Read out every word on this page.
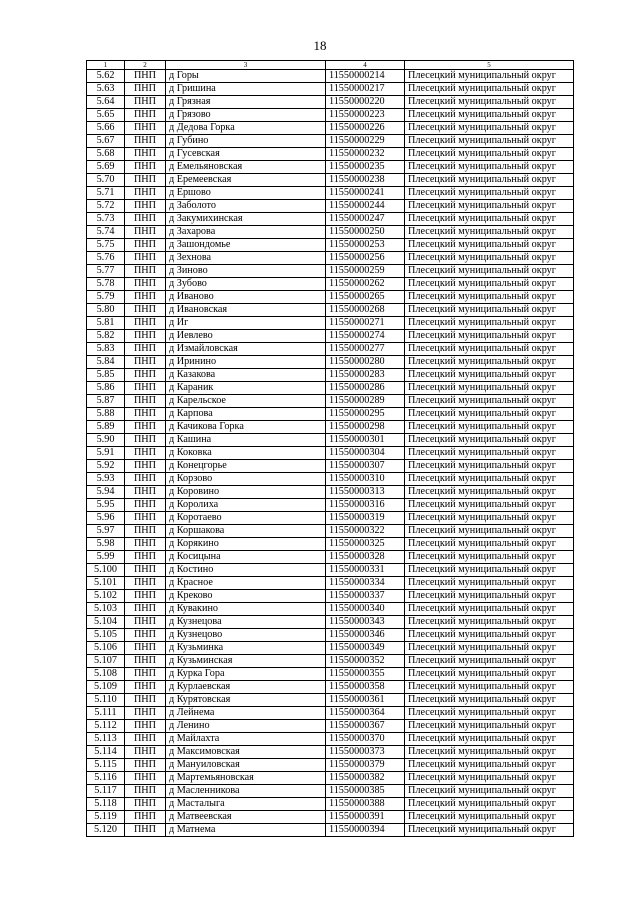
18
1	2	3	4	5
5.62	ПНП	д Горы	11550000214	Плесецкий муниципальный округ
5.63	ПНП	д Гришина	11550000217	Плесецкий муниципальный округ
5.64	ПНП	д Грязная	11550000220	Плесецкий муниципальный округ
5.65	ПНП	д Грязово	11550000223	Плесецкий муниципальный округ
5.66	ПНП	д Дедова Горка	11550000226	Плесецкий муниципальный округ
5.67	ПНП	д Губино	11550000229	Плесецкий муниципальный округ
5.68	ПНП	д Гусевская	11550000232	Плесецкий муниципальный округ
5.69	ПНП	д Емельяновская	11550000235	Плесецкий муниципальный округ
5.70	ПНП	д Еремеевская	11550000238	Плесецкий муниципальный округ
5.71	ПНП	д Ершово	11550000241	Плесецкий муниципальный округ
5.72	ПНП	д Заболото	11550000244	Плесецкий муниципальный округ
5.73	ПНП	д Закумихинская	11550000247	Плесецкий муниципальный округ
5.74	ПНП	д Захарова	11550000250	Плесецкий муниципальный округ
5.75	ПНП	д Зашондомье	11550000253	Плесецкий муниципальный округ
5.76	ПНП	д Зехнова	11550000256	Плесецкий муниципальный округ
5.77	ПНП	д Зиново	11550000259	Плесецкий муниципальный округ
5.78	ПНП	д Зубово	11550000262	Плесецкий муниципальный округ
5.79	ПНП	д Иваново	11550000265	Плесецкий муниципальный округ
5.80	ПНП	д Ивановская	11550000268	Плесецкий муниципальный округ
5.81	ПНП	д Иг	11550000271	Плесецкий муниципальный округ
5.82	ПНП	д Иевлево	11550000274	Плесецкий муниципальный округ
5.83	ПНП	д Измайловская	11550000277	Плесецкий муниципальный округ
5.84	ПНП	д Иринино	11550000280	Плесецкий муниципальный округ
5.85	ПНП	д Казакова	11550000283	Плесецкий муниципальный округ
5.86	ПНП	д Караник	11550000286	Плесецкий муниципальный округ
5.87	ПНП	д Карельское	11550000289	Плесецкий муниципальный округ
5.88	ПНП	д Карпова	11550000295	Плесецкий муниципальный округ
5.89	ПНП	д Качикова Горка	11550000298	Плесецкий муниципальный округ
5.90	ПНП	д Кашина	11550000301	Плесецкий муниципальный округ
5.91	ПНП	д Коковка	11550000304	Плесецкий муниципальный округ
5.92	ПНП	д Конецгорье	11550000307	Плесецкий муниципальный округ
5.93	ПНП	д Корзово	11550000310	Плесецкий муниципальный округ
5.94	ПНП	д Коровино	11550000313	Плесецкий муниципальный округ
5.95	ПНП	д Королиха	11550000316	Плесецкий муниципальный округ
5.96	ПНП	д Коротаево	11550000319	Плесецкий муниципальный округ
5.97	ПНП	д Коршакова	11550000322	Плесецкий муниципальный округ
5.98	ПНП	д Корякино	11550000325	Плесецкий муниципальный округ
5.99	ПНП	д Косицына	11550000328	Плесецкий муниципальный округ
5.100	ПНП	д Костино	11550000331	Плесецкий муниципальный округ
5.101	ПНП	д Красное	11550000334	Плесецкий муниципальный округ
5.102	ПНП	д Креково	11550000337	Плесецкий муниципальный округ
5.103	ПНП	д Кувакино	11550000340	Плесецкий муниципальный округ
5.104	ПНП	д Кузнецова	11550000343	Плесецкий муниципальный округ
5.105	ПНП	д Кузнецово	11550000346	Плесецкий муниципальный округ
5.106	ПНП	д Кузьминка	11550000349	Плесецкий муниципальный округ
5.107	ПНП	д Кузьминская	11550000352	Плесецкий муниципальный округ
5.108	ПНП	д Курка Гора	11550000355	Плесецкий муниципальный округ
5.109	ПНП	д Курлаевская	11550000358	Плесецкий муниципальный округ
5.110	ПНП	д Курятовская	11550000361	Плесецкий муниципальный округ
5.111	ПНП	д Лейнема	11550000364	Плесецкий муниципальный округ
5.112	ПНП	д Ленино	11550000367	Плесецкий муниципальный округ
5.113	ПНП	д Майлахта	11550000370	Плесецкий муниципальный округ
5.114	ПНП	д Максимовская	11550000373	Плесецкий муниципальный округ
5.115	ПНП	д Мануиловская	11550000379	Плесецкий муниципальный округ
5.116	ПНП	д Мартемьяновская	11550000382	Плесецкий муниципальный округ
5.117	ПНП	д Масленникова	11550000385	Плесецкий муниципальный округ
5.118	ПНП	д Масталыга	11550000388	Плесецкий муниципальный округ
5.119	ПНП	д Матвеевская	11550000391	Плесецкий муниципальный округ
5.120	ПНП	д Матнема	11550000394	Плесецкий муниципальный округ
